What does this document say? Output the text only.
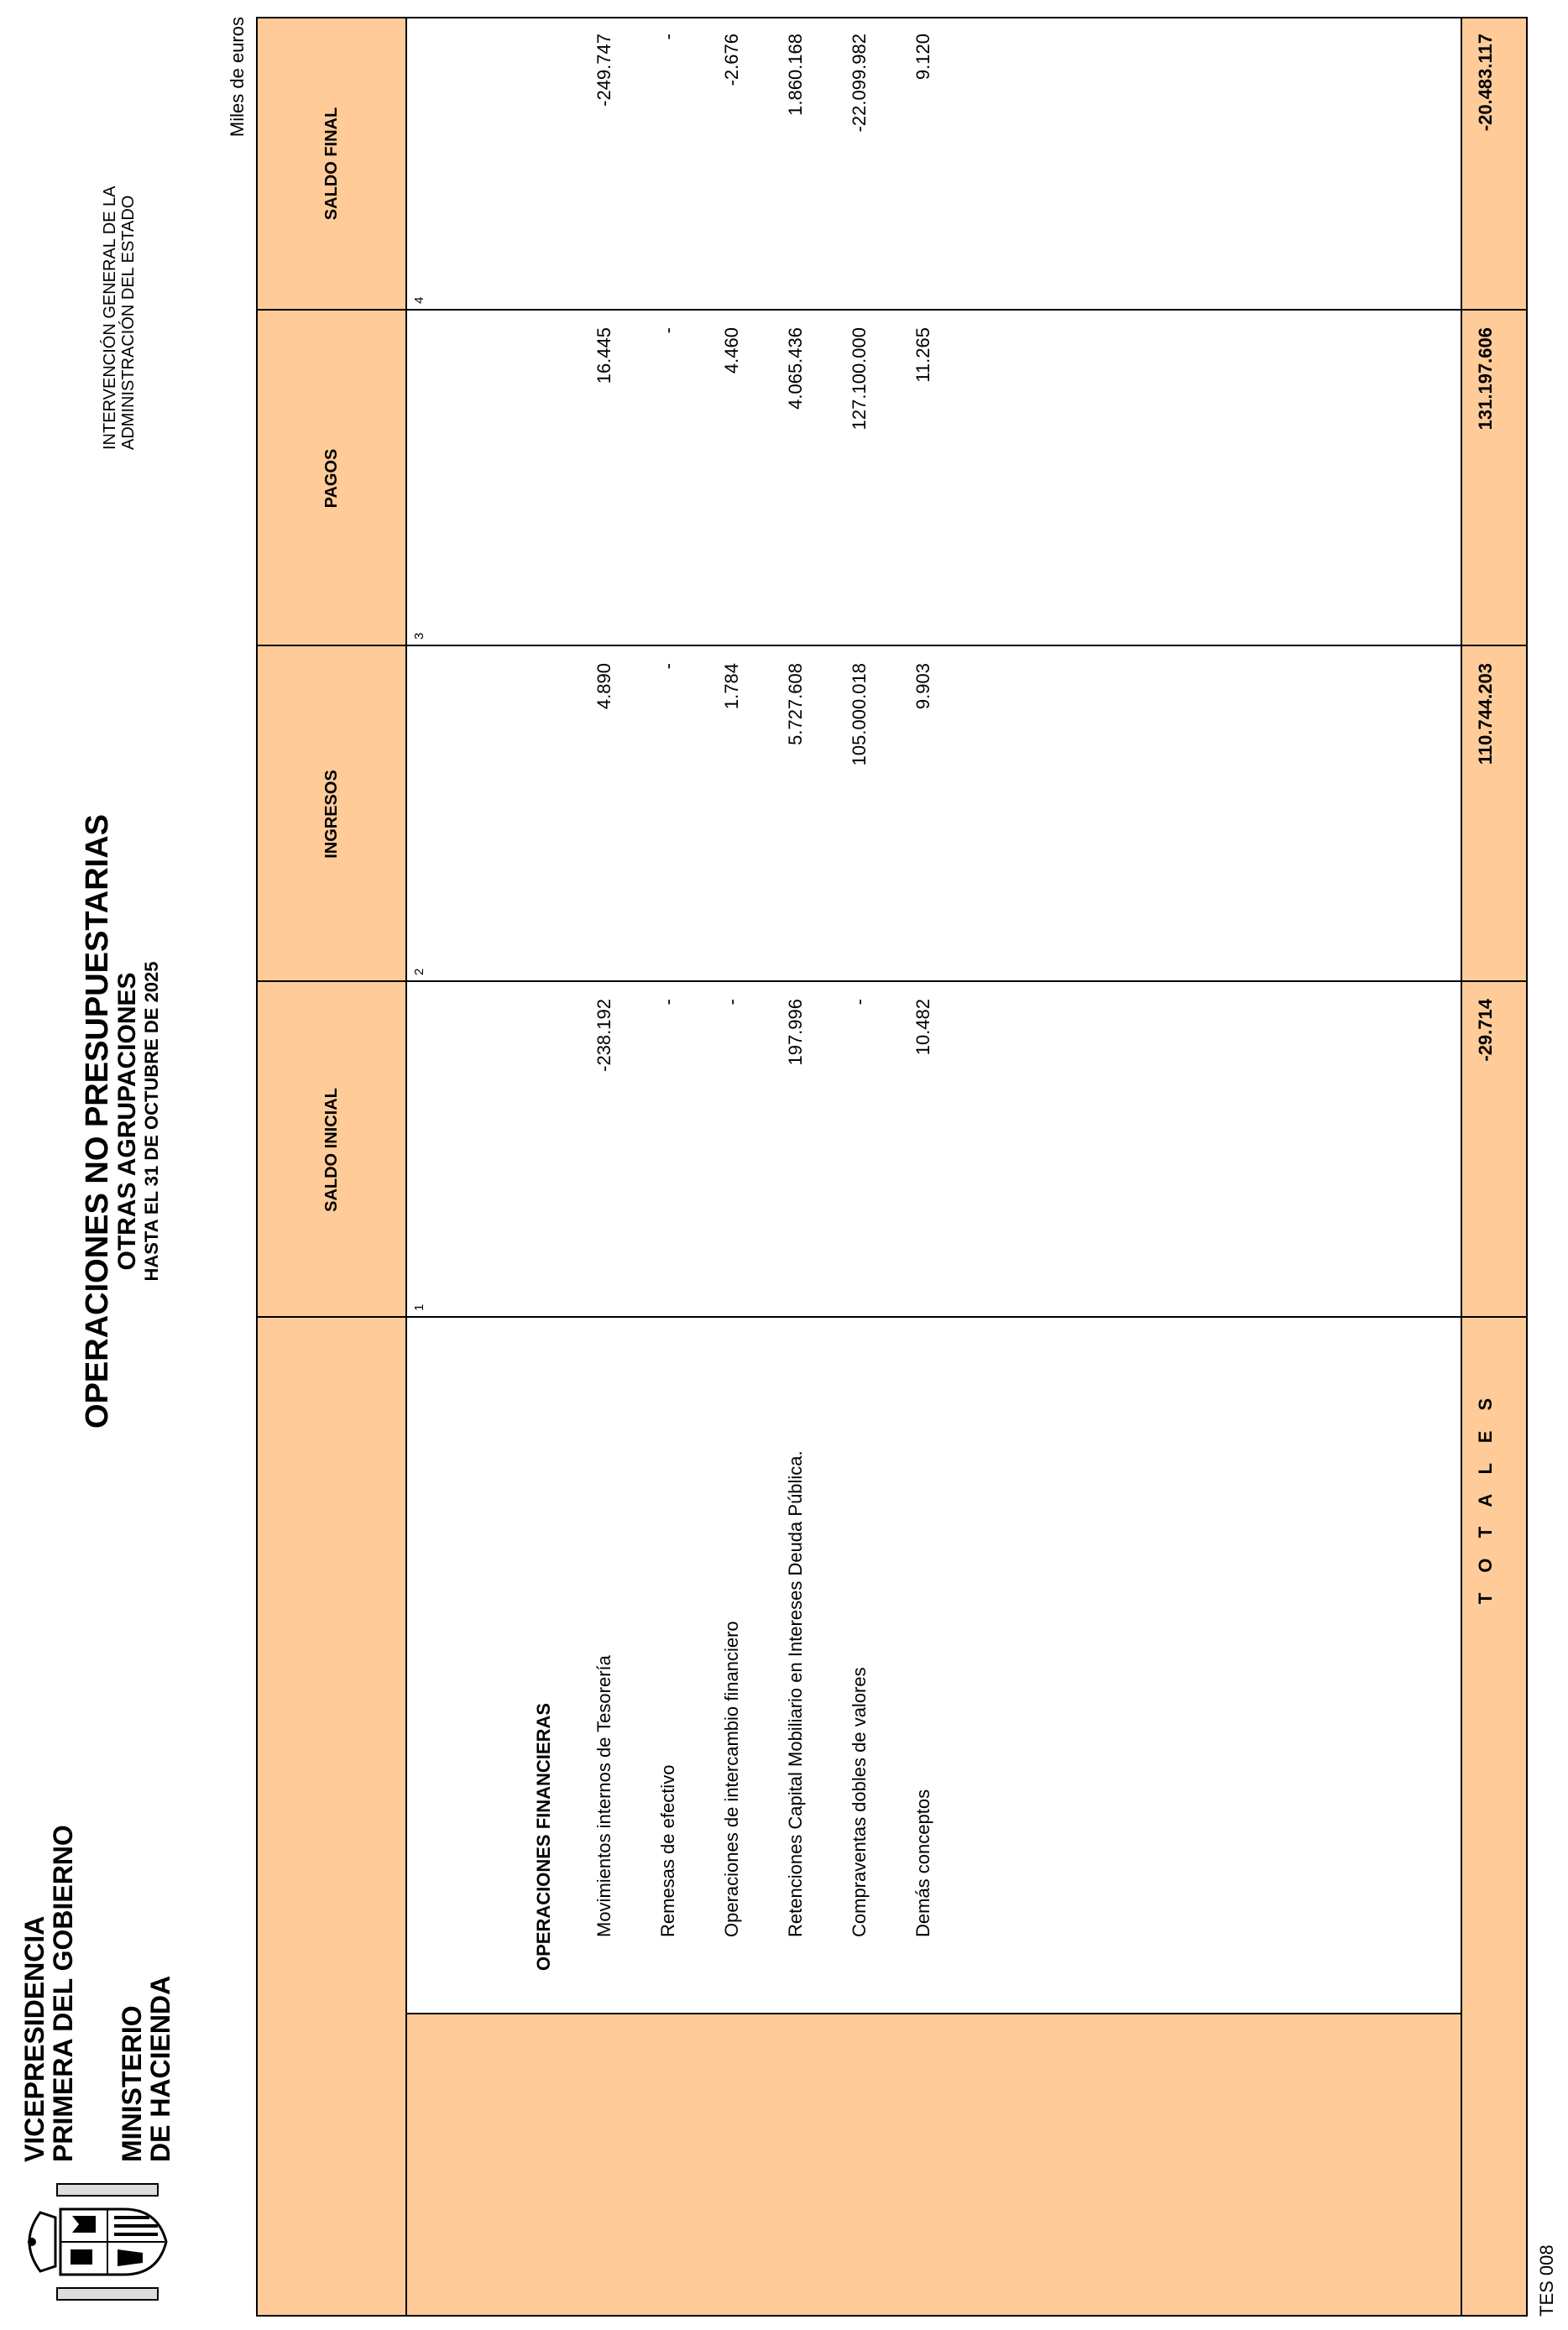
VICEPRESIDENCIA
PRIMERA DEL GOBIERNO MINISTERIO
DE HACIENDA
OPERACIONES NO PRESUPUESTARIAS
OTRAS AGRUPACIONES HASTA EL 31 DE OCTUBRE DE 2025
INTERVENCIÓN GENERAL DE LA ADMINISTRACIÓN DEL ESTADO
Miles de euros
SALDO INICIAL
INGRESOS
PAGOS
SALDO FINAL
1
2
3
4
OPERACIONES FINANCIERAS Movimientos internos de Tesorería
-238.192
4.890
16.445
-249.747
Remesas de efectivo
-
-
-
-
Operaciones de intercambio financiero
-
1.784
4.460
-2.676
Retenciones Capital Mobiliario en Intereses Deuda Pública.
197.996
5.727.608
4.065.436
1.860.168
Compraventas dobles de valores
-
105.000.018
127.100.000
-22.099.982
Demás conceptos
10.482
9.903
11.265
9.120
T O T A L E S
-29.714
110.744.203
131.197.606
-20.483.117
TES 008
